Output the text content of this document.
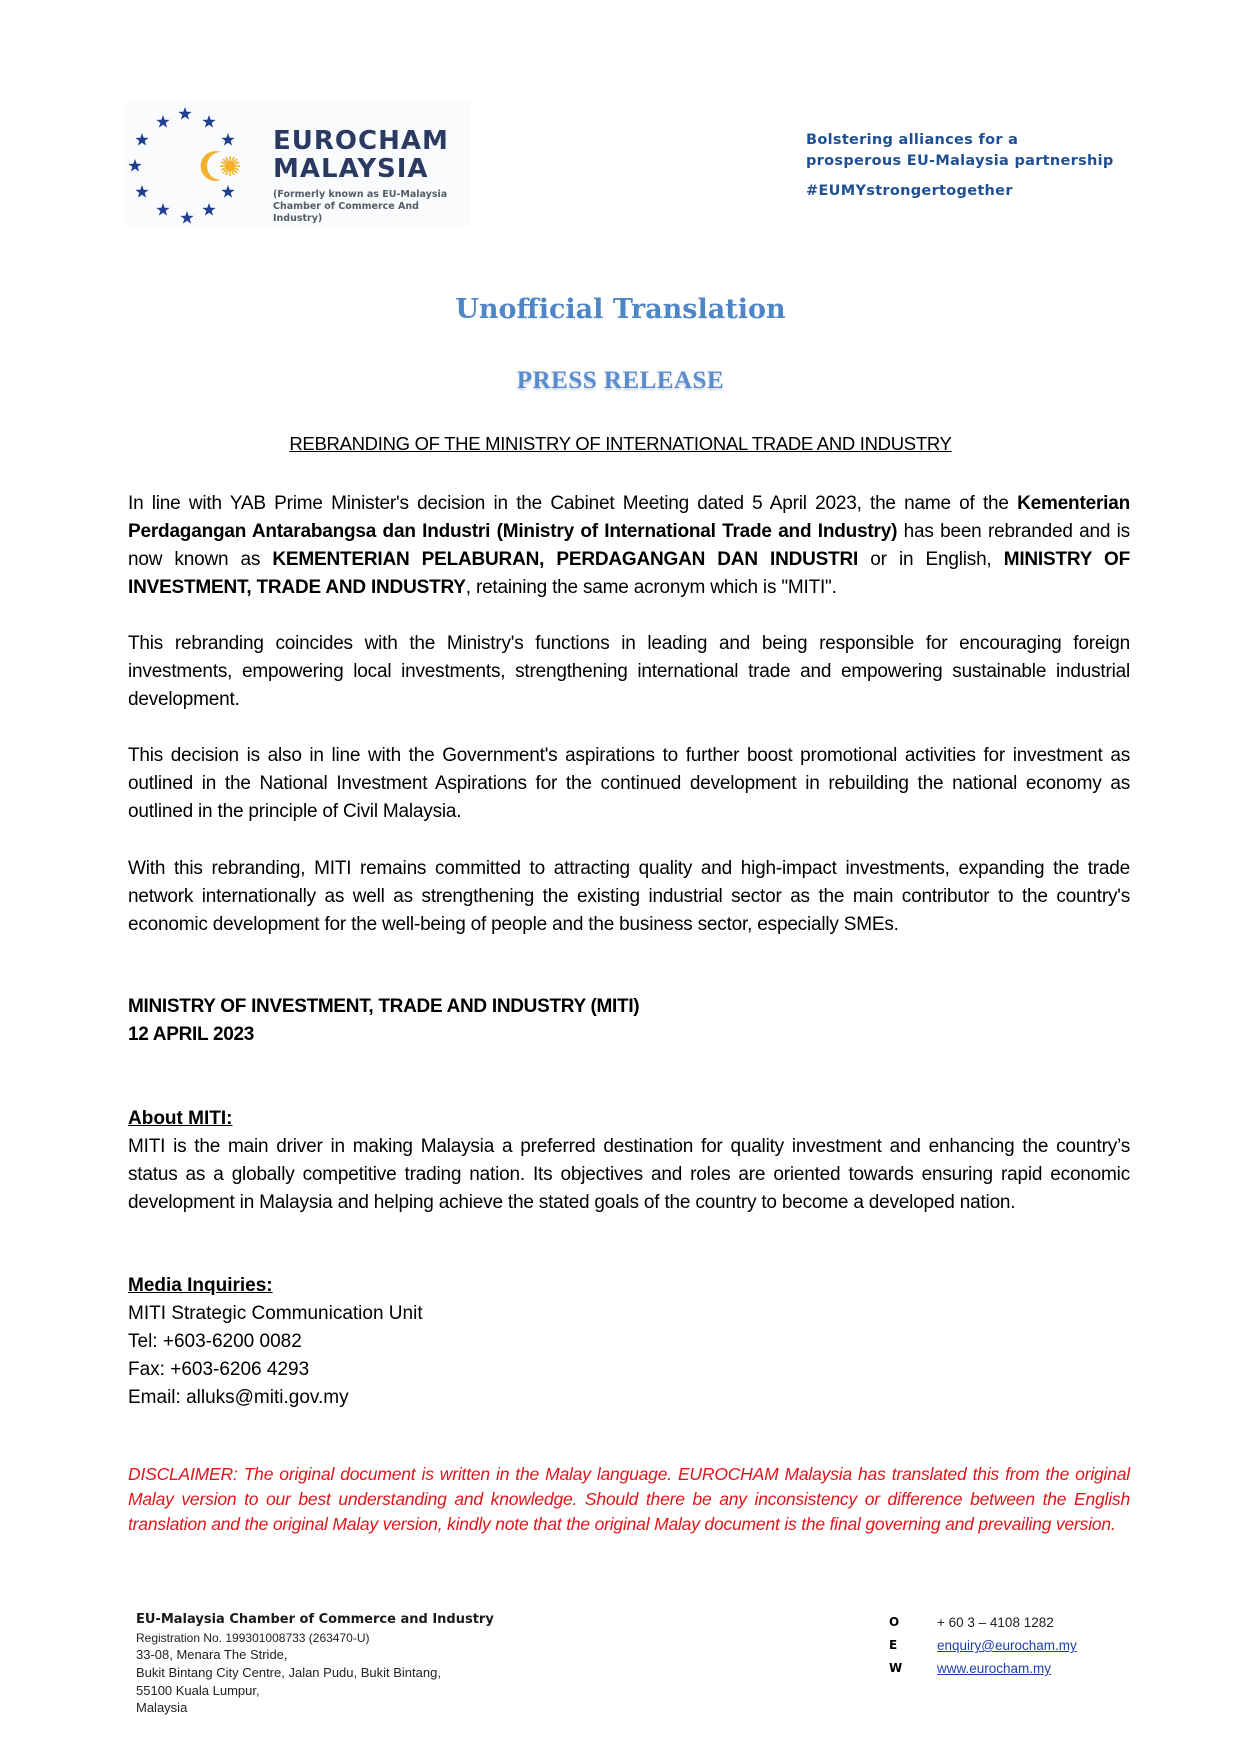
EUROCHAM
MALAYSIA
(Formerly known as EU-Malaysia
Chamber of Commerce And Industry)
Bolstering alliances for a
prosperous EU-Malaysia partnership
#EUMYstrongertogether
Unofficial Translation
PRESS RELEASE
REBRANDING OF THE MINISTRY OF INTERNATIONAL TRADE AND INDUSTRY
In line with YAB Prime Minister's decision in the Cabinet Meeting dated 5 April 2023, the name of the Kementerian Perdagangan Antarabangsa dan Industri (Ministry of International Trade and Industry) has been rebranded and is now known as KEMENTERIAN PELABURAN, PERDAGANGAN DAN INDUSTRI or in English, MINISTRY OF INVESTMENT, TRADE AND INDUSTRY, retaining the same acronym which is "MITI".
This rebranding coincides with the Ministry's functions in leading and being responsible for encouraging foreign investments, empowering local investments, strengthening international trade and empowering sustainable industrial development.
This decision is also in line with the Government's aspirations to further boost promotional activities for investment as outlined in the National Investment Aspirations for the continued development in rebuilding the national economy as outlined in the principle of Civil Malaysia.
With this rebranding, MITI remains committed to attracting quality and high-impact investments, expanding the trade network internationally as well as strengthening the existing industrial sector as the main contributor to the country's economic development for the well-being of people and the business sector, especially SMEs.
MINISTRY OF INVESTMENT, TRADE AND INDUSTRY (MITI)
12 APRIL 2023
About MITI:
MITI is the main driver in making Malaysia a preferred destination for quality investment and enhancing the country’s status as a globally competitive trading nation. Its objectives and roles are oriented towards ensuring rapid economic development in Malaysia and helping achieve the stated goals of the country to become a developed nation.
Media Inquiries:
MITI Strategic Communication Unit
Tel: +603-6200 0082
Fax: +603-6206 4293
Email: alluks@miti.gov.my
DISCLAIMER: The original document is written in the Malay language. EUROCHAM Malaysia has translated this from the original Malay version to our best understanding and knowledge. Should there be any inconsistency or difference between the English translation and the original Malay version, kindly note that the original Malay document is the final governing and prevailing version.
EU-Malaysia Chamber of Commerce and Industry
Registration No. 199301008733 (263470-U)
33-08, Menara The Stride,
Bukit Bintang City Centre, Jalan Pudu, Bukit Bintang,
55100 Kuala Lumpur,
Malaysia
O	+ 60 3 – 4108 1282
E	enquiry@eurocham.my
W	www.eurocham.my
